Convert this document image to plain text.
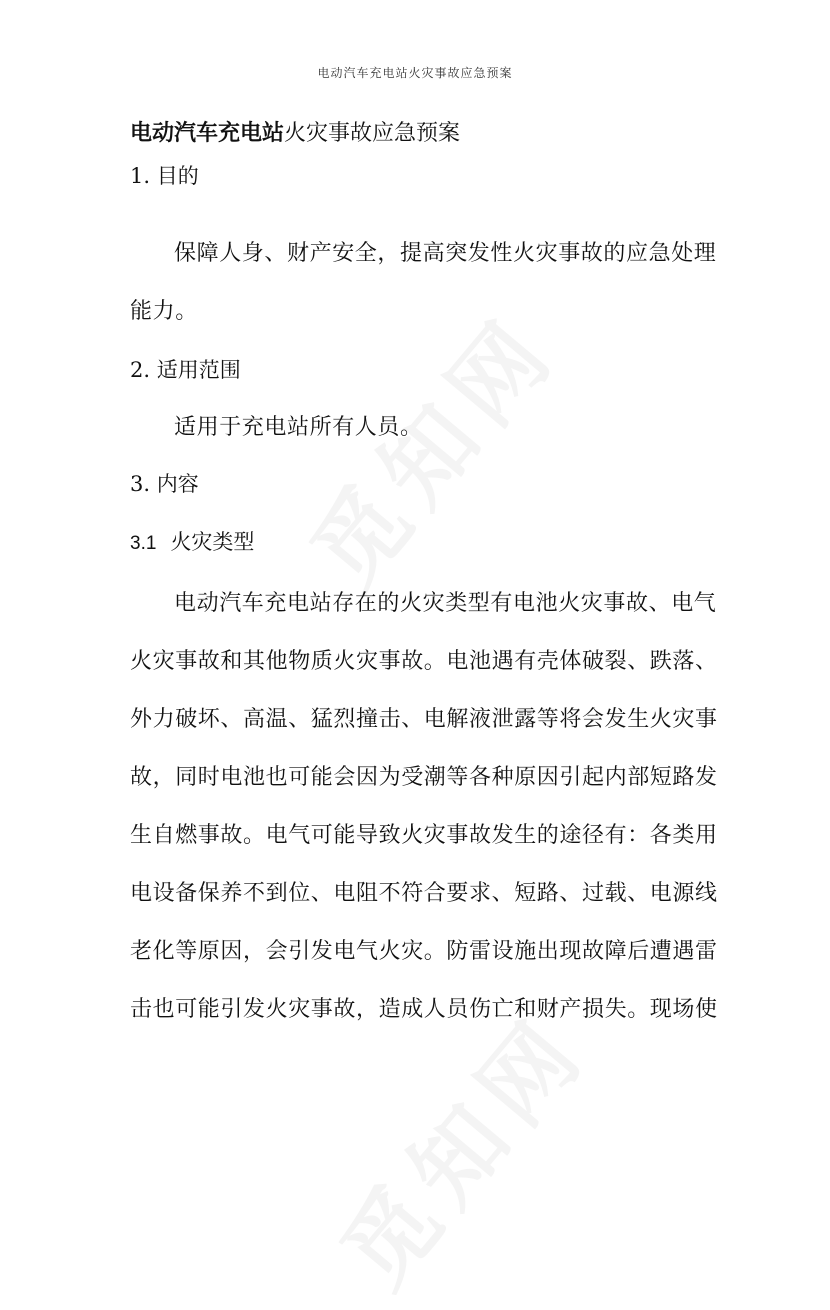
电动汽车充电站火灾事故应急预案
电动汽车充电站火灾事故应急预案
1. 目的
保障人身、财产安全，提高突发性火灾事故的应急处理
能力。
2. 适用范围
适用于充电站所有人员。
3. 内容
3.1 火灾类型
电动汽车充电站存在的火灾类型有电池火灾事故、电气
火灾事故和其他物质火灾事故。电池遇有壳体破裂、跌落、
外力破坏、高温、猛烈撞击、电解液泄露等将会发生火灾事
故，同时电池也可能会因为受潮等各种原因引起内部短路发
生自燃事故。电气可能导致火灾事故发生的途径有：各类用
电设备保养不到位、电阻不符合要求、短路、过载、电源线
老化等原因，会引发电气火灾。防雷设施出现故障后遭遇雷
击也可能引发火灾事故，造成人员伤亡和财产损失。现场使
